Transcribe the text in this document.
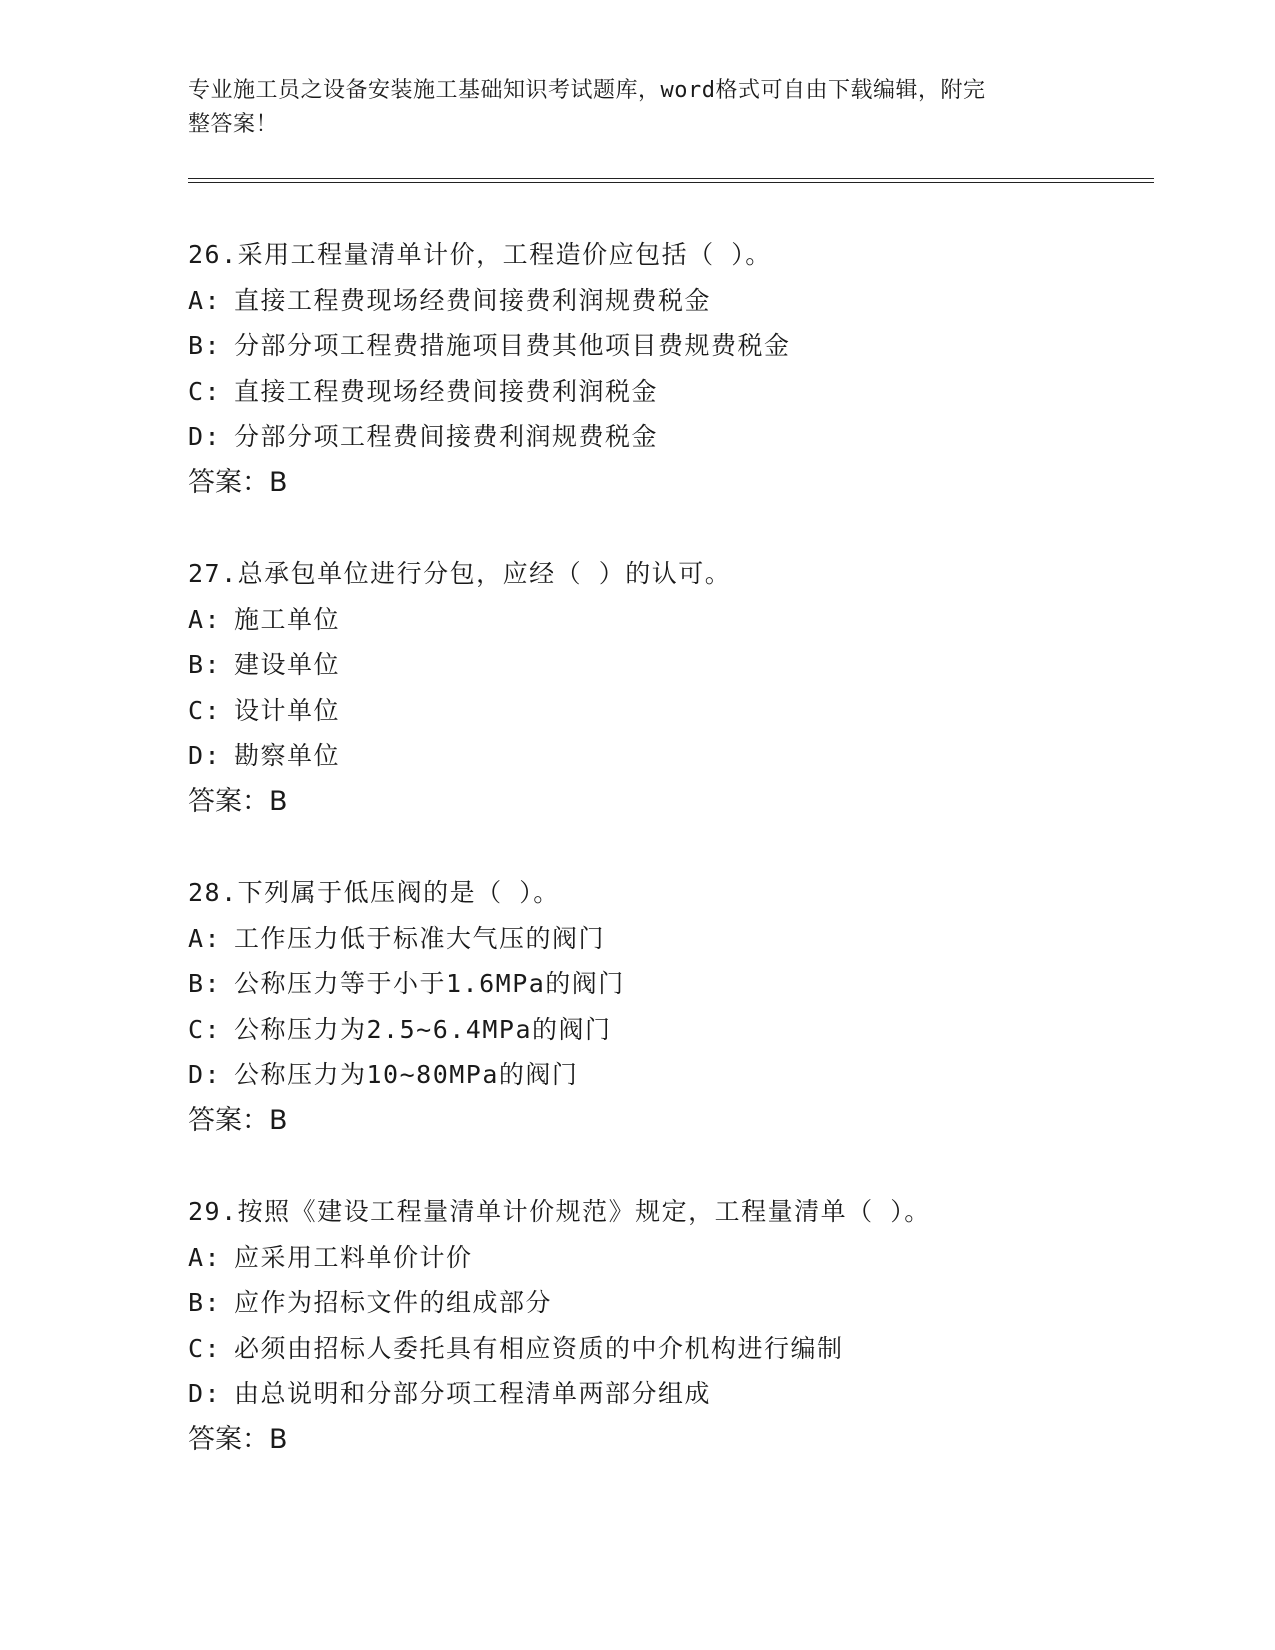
专业施工员之设备安装施工基础知识考试题库，word格式可自由下载编辑，附完
整答案！
26.采用工程量清单计价，工程造价应包括（ ）。
A: 直接工程费现场经费间接费利润规费税金
B: 分部分项工程费措施项目费其他项目费规费税金
C: 直接工程费现场经费间接费利润税金
D: 分部分项工程费间接费利润规费税金
答案：B
27.总承包单位进行分包，应经（ ）的认可。
A: 施工单位
B: 建设单位
C: 设计单位
D: 勘察单位
答案：B
28.下列属于低压阀的是（ ）。
A: 工作压力低于标准大气压的阀门
B: 公称压力等于小于1.6MPa的阀门
C: 公称压力为2.5~6.4MPa的阀门
D: 公称压力为10~80MPa的阀门
答案：B
29.按照《建设工程量清单计价规范》规定，工程量清单（ ）。
A: 应采用工料单价计价
B: 应作为招标文件的组成部分
C: 必须由招标人委托具有相应资质的中介机构进行编制
D: 由总说明和分部分项工程清单两部分组成
答案：B
